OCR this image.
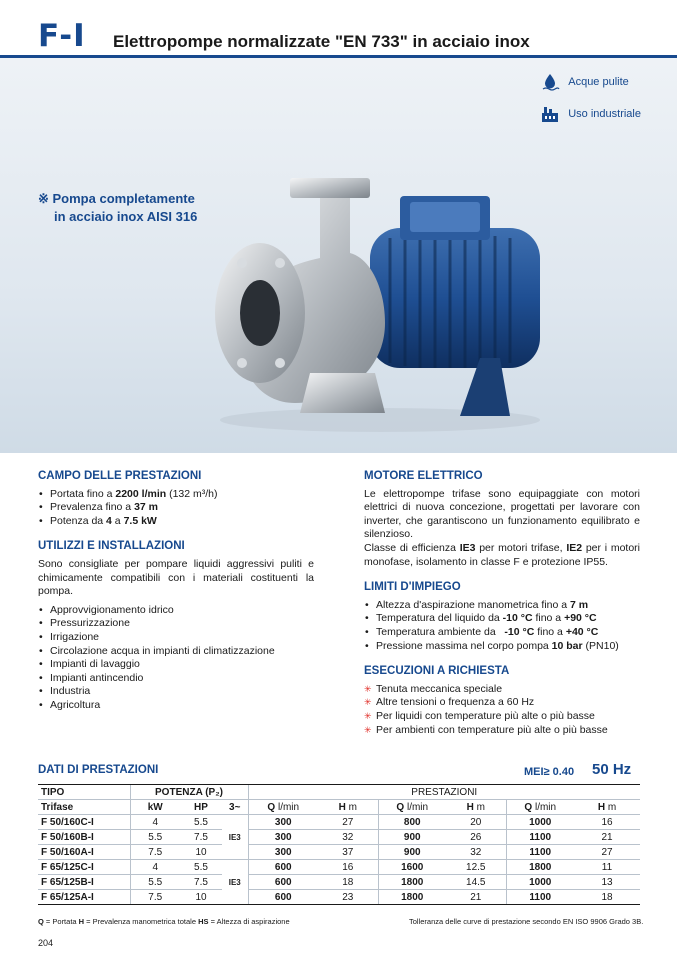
F-I Elettropompe normalizzate "EN 733" in acciaio inox
Acque pulite
Uso industriale
※ Pompa completamente
in acciaio inox AISI 316
CAMPO DELLE PRESTAZIONI
• Portata fino a 2200 l/min (132 m³/h)
• Prevalenza fino a 37 m
• Potenza da 4 a 7.5 kW
UTILIZZI E INSTALLAZIONI

Sono consigliate per pompare liquidi aggressivi puliti e chimicamente compatibili con i materiali costituenti la pompa.

• Approvvigionamento idrico
• Pressurizzazione
• Irrigazione
• Circolazione acqua in impianti di climatizzazione
• Impianti di lavaggio
• Impianti antincendio
• Industria
• Agricoltura
MOTORE ELETTRICO

Le elettropompe trifase sono equipaggiate con motori elettrici di nuova concezione, progettati per lavorare con inverter, che garantiscono un funzionamento equilibrato e silenzioso.

Classe di efficienza IE3 per motori trifase, IE2 per i motori monofase, isolamento in classe F e protezione IP55.

LIMITI D'IMPIEGO
• Altezza d'aspirazione manometrica fino a 7 m
• Temperatura del liquido da -10 °C fino a +90 °C
• Temperatura ambiente da   -10 °C fino a +40 °C
• Pressione massima nel corpo pompa 10 bar (PN10)
ESECUZIONI A RICHIESTA
✳ Tenuta meccanica speciale
✳ Altre tensioni o frequenza a 60 Hz
✳ Per liquidi con temperature più alte o più basse
✳ Per ambienti con temperature più alte o più basse
DATI DI PRESTAZIONI	MEI≥ 0.40 50 Hz
TIPO	POTENZA (P₂)			PRESTAZIONI					
Trifase	kW	HP	3~	Q l/min	H m	Q l/min	H m	Q l/min	H m
F 50/160C-I	4	5.5		300	27	800	20	1000	16
F 50/160B-I	5.5	7.5	IE3	300	32	900	26	1100	21
F 50/160A-I	7.5	10		300	37	900	32	1100	27
F 65/125C-I	4	5.5		600	16	1600	12.5	1800	11
F 65/125B-I	5.5	7.5	IE3	600	18	1800	14.5	1000	13
F 65/125A-I	7.5	10		600	23	1800	21	1100	18
Q = Portata H = Prevalenza manometrica totale HS = Altezza di aspirazione	Tolleranza delle curve di prestazione secondo EN ISO 9906 Grado 3B.
204
